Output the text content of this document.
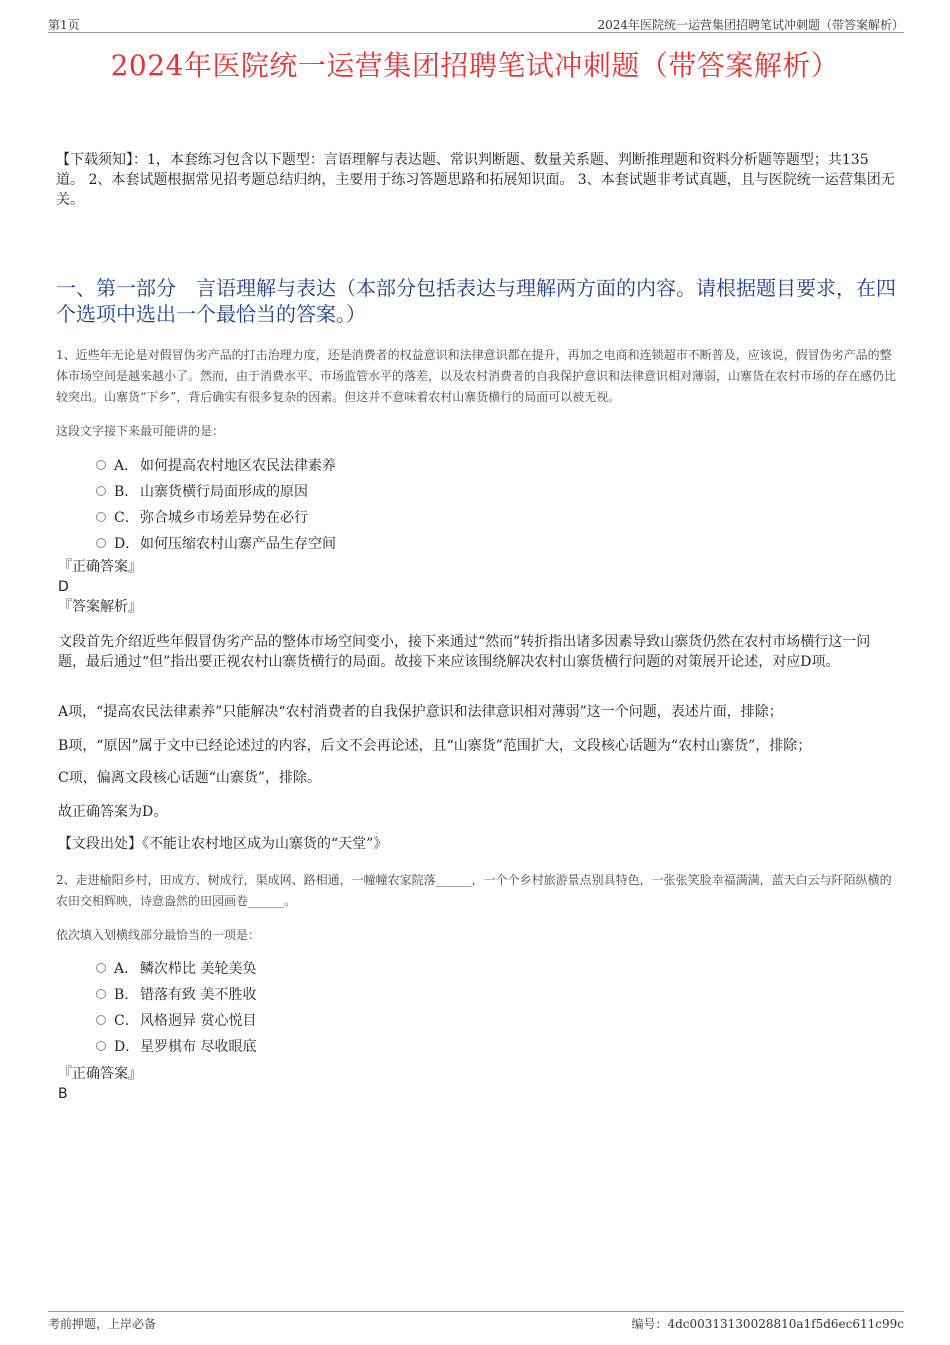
第1页	2024年医院统一运营集团招聘笔试冲刺题（带答案解析）
2024年医院统一运营集团招聘笔试冲刺题（带答案解析）
【下载须知】：1，本套练习包含以下题型：言语理解与表达题、常识判断题、数量关系题、判断推理题和资料分析题等题型；共135道。 2、本套试题根据常见招考题总结归纳，主要用于练习答题思路和拓展知识面。 3、本套试题非考试真题，且与医院统一运营集团无关。
一、第一部分　言语理解与表达（本部分包括表达与理解两方面的内容。请根据题目要求，在四个选项中选出一个最恰当的答案。）
1、近些年无论是对假冒伪劣产品的打击治理力度，还是消费者的权益意识和法律意识都在提升，再加之电商和连锁超市不断普及，应该说，假冒伪劣产品的整体市场空间是越来越小了。然而，由于消费水平、市场监管水平的落差，以及农村消费者的自我保护意识和法律意识相对薄弱，山寨货在农村市场的存在感仍比较突出。山寨货“下乡”，背后确实有很多复杂的因素。但这并不意味着农村山寨货横行的局面可以被无视。
这段文字接下来最可能讲的是：
A． 如何提高农村地区农民法律素养
B． 山寨货横行局面形成的原因
C．弥合城乡市场差异势在必行
D．如何压缩农村山寨产品生存空间
『正确答案』
D
『答案解析』
文段首先介绍近些年假冒伪劣产品的整体市场空间变小，接下来通过“然而”转折指出诸多因素导致山寨货仍然在农村市场横行这一问题，最后通过“但”指出要正视农村山寨货横行的局面。故接下来应该围绕解决农村山寨货横行问题的对策展开论述，对应D项。
A项，“提高农民法律素养”只能解决“农村消费者的自我保护意识和法律意识相对薄弱”这一个问题，表述片面，排除；
B项，“原因”属于文中已经论述过的内容，后文不会再论述，且“山寨货”范围扩大，文段核心话题为“农村山寨货”，排除；
C项，偏离文段核心话题“山寨货”，排除。
故正确答案为D。
【文段出处】《不能让农村地区成为山寨货的“天堂”》
2、走进榆阳乡村，田成方、树成行，渠成网、路相通，一幢幢农家院落______，一个个乡村旅游景点别具特色，一张张笑脸幸福满满，蓝天白云与阡陌纵横的农田交相辉映，诗意盎然的田园画卷______。
依次填入划横线部分最恰当的一项是：
A． 鳞次栉比 美轮美奂
B． 错落有致 美不胜收
C．风格迥异 赏心悦目
D．星罗棋布 尽收眼底
『正确答案』
B
考前押题，上岸必备	编号：4dc00313130028810a1f5d6ec611c99c
